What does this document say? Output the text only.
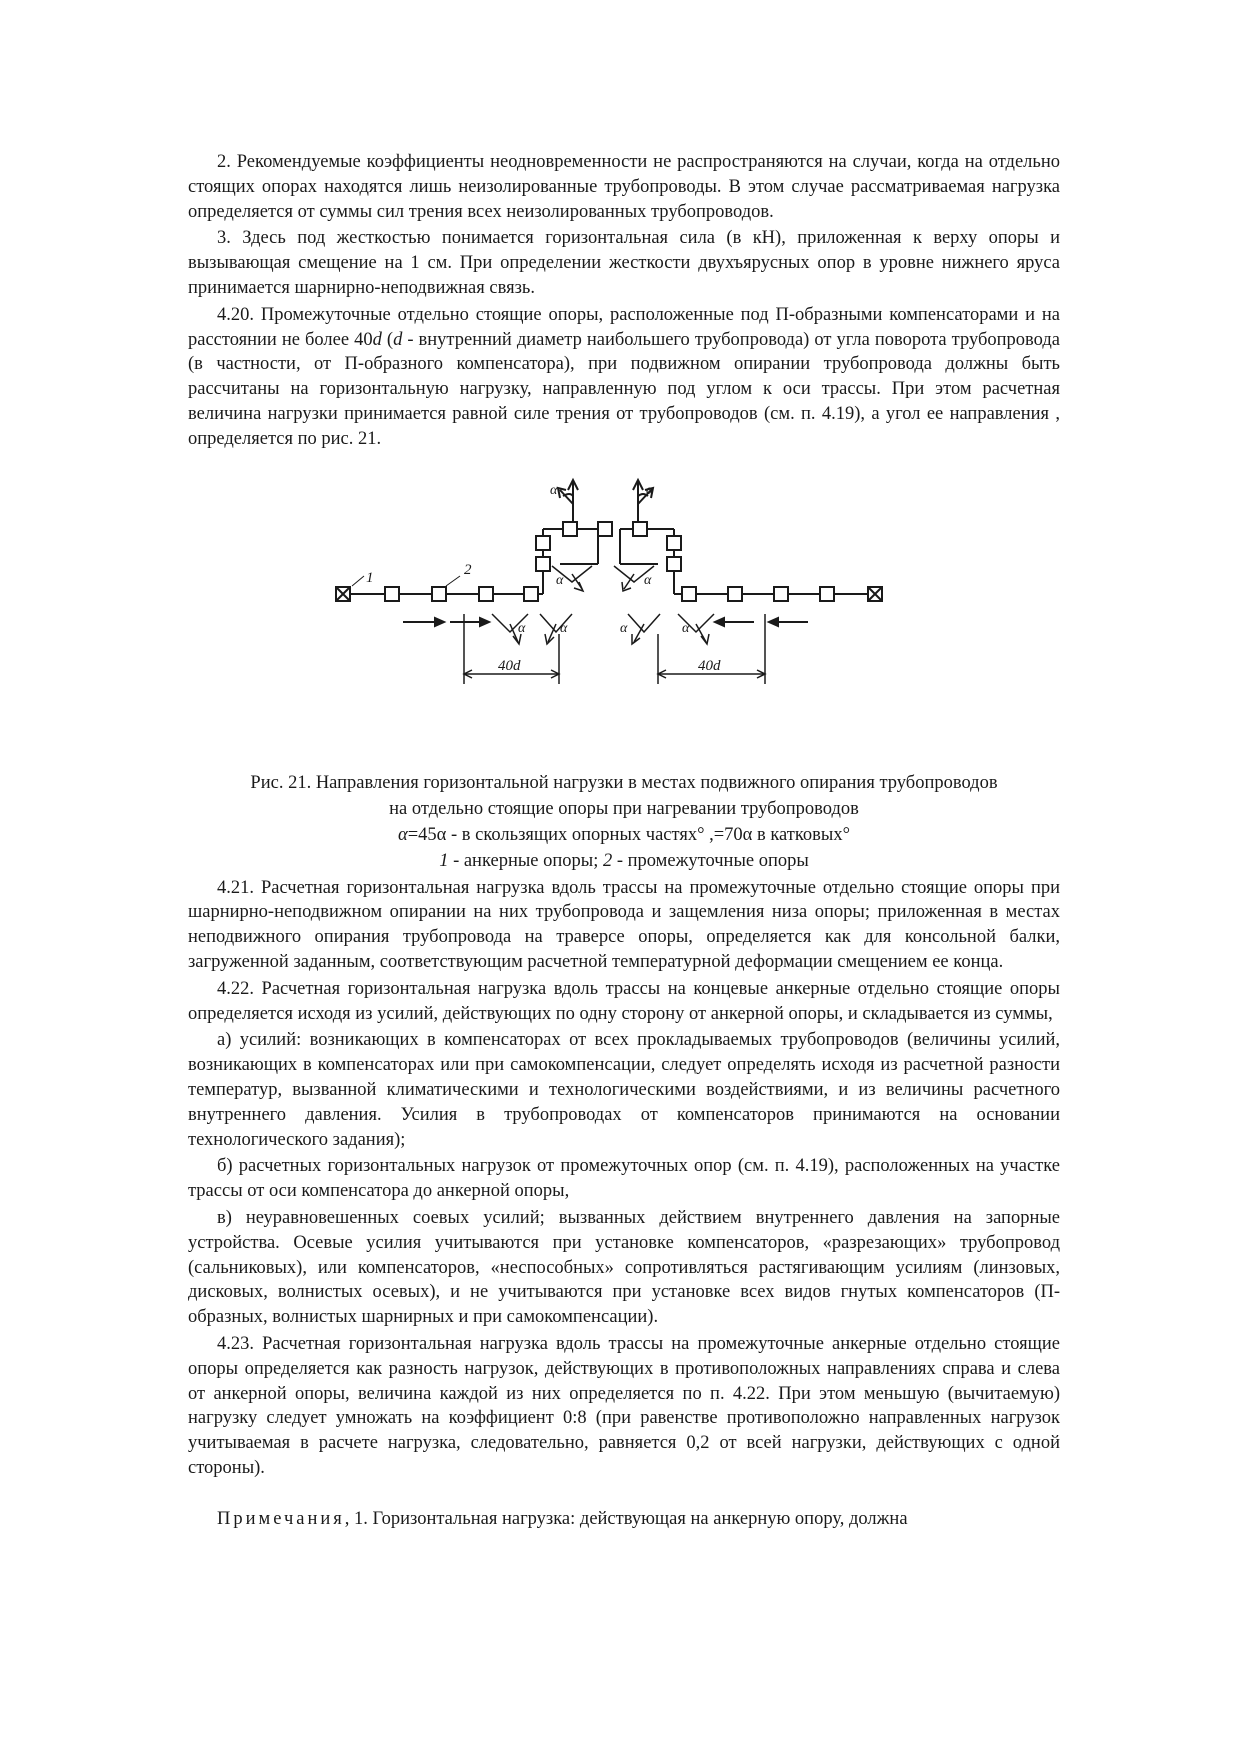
2. Рекомендуемые коэффициенты неодновременности не распространяются на случаи, когда на отдельно стоящих опорах находятся лишь неизолированные трубопроводы. В этом случае рассматриваемая нагрузка определяется от суммы сил трения всех неизолированных трубопроводов.

3. Здесь под жесткостью понимается горизонтальная сила (в кН), приложенная к верху опоры и вызывающая смещение на 1 см. При определении жесткости двухъярусных опор в уровне нижнего яруса принимается шарнирно-неподвижная связь.

4.20. Промежуточные отдельно стоящие опоры, расположенные под П-образными компенсаторами и на расстоянии не более 40d (d - внутренний диаметр наибольшего трубопровода) от угла поворота трубопровода (в частности, от П-образного компенсатора), при подвижном опирании трубопровода должны быть рассчитаны на горизонтальную нагрузку, направленную под углом к оси трассы. При этом расчетная величина нагрузки принимается равной силе трения от трубопроводов (см. п. 4.19), а угол ее направления , определяется по рис. 21.

1	2
α	α
α	α
α α	α	α
40d	40d
Рис. 21. Направления горизонтальной нагрузки в местах подвижного опирания трубопроводов
на отдельно стоящие опоры при нагревании трубопроводов
α=45α - в скользящих опорных частях° ,=70α в катковых°
1 - анкерные опоры; 2 - промежуточные опоры

4.21. Расчетная горизонтальная нагрузка вдоль трассы на промежуточные отдельно стоящие опоры при шарнирно-неподвижном опирании на них трубопровода и защемления низа опоры; приложенная в местах неподвижного опирания трубопровода на траверсе опоры, определяется как для консольной балки, загруженной заданным, соответствующим расчетной температурной деформации смещением ее конца.

4.22. Расчетная горизонтальная нагрузка вдоль трассы на концевые анкерные отдельно стоящие опоры определяется исходя из усилий, действующих по одну сторону от анкерной опоры, и складывается из суммы,

а) усилий: возникающих в компенсаторах от всех прокладываемых трубопроводов (величины усилий, возникающих в компенсаторах или при самокомпенсации, следует определять исходя из расчетной разности температур, вызванной климатическими и технологическими воздействиями, и из величины расчетного внутреннего давления. Усилия в трубопроводах от компенсаторов принимаются на основании технологического задания);

б) расчетных горизонтальных нагрузок от промежуточных опор (см. п. 4.19), расположенных на участке трассы от оси компенсатора до анкерной опоры,

в) неуравновешенных соевых усилий; вызванных действием внутреннего давления на запорные устройства. Осевые усилия учитываются при установке компенсаторов, «разрезающих» трубопровод (сальниковых), или компенсаторов, «неспособных» сопротивляться растягивающим усилиям (линзовых, дисковых, волнистых осевых), и не учитываются при установке всех видов гнутых компенсаторов (П-образных, волнистых шарнирных и при самокомпенсации).

4.23. Расчетная горизонтальная нагрузка вдоль трассы на промежуточные анкерные отдельно стоящие опоры определяется как разность нагрузок, действующих в противоположных направлениях справа и слева от анкерной опоры, величина каждой из них определяется по п. 4.22. При этом меньшую (вычитаемую) нагрузку следует умножать на коэффициент 0:8 (при равенстве противоположно направленных нагрузок учитываемая в расчете нагрузка, следовательно, равняется 0,2 от всей нагрузки, действующих с одной стороны).

Примечания, 1. Горизонтальная нагрузка: действующая на анкерную опору, должна
